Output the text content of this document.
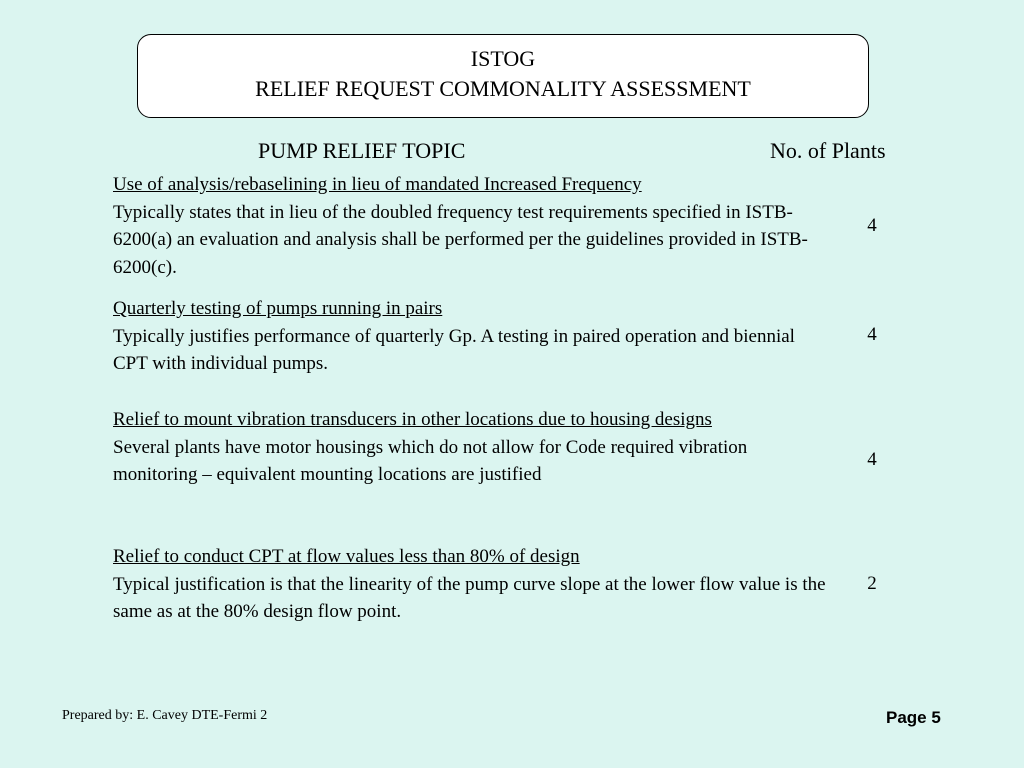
ISTOG
RELIEF REQUEST COMMONALITY ASSESSMENT
PUMP RELIEF TOPIC	No. of Plants
Use of analysis/rebaselining in lieu of mandated Increased Frequency
Typically states that in lieu of the doubled frequency test requirements specified in ISTB-6200(a) an evaluation and analysis shall be performed per the guidelines provided in ISTB-6200(c).
4
Quarterly testing of pumps running in pairs
Typically justifies performance of quarterly Gp. A testing in paired operation and biennial CPT with individual pumps.
4
Relief to mount vibration transducers in other locations due to housing designs
Several plants have motor housings which do not allow for Code required vibration monitoring – equivalent mounting locations are justified
4
Relief to conduct CPT at flow values less than 80% of design
Typical justification is that the linearity of the pump curve slope at the lower flow value is the same as at the 80% design flow point.
2
Prepared by: E. Cavey DTE-Fermi 2	Page 5
